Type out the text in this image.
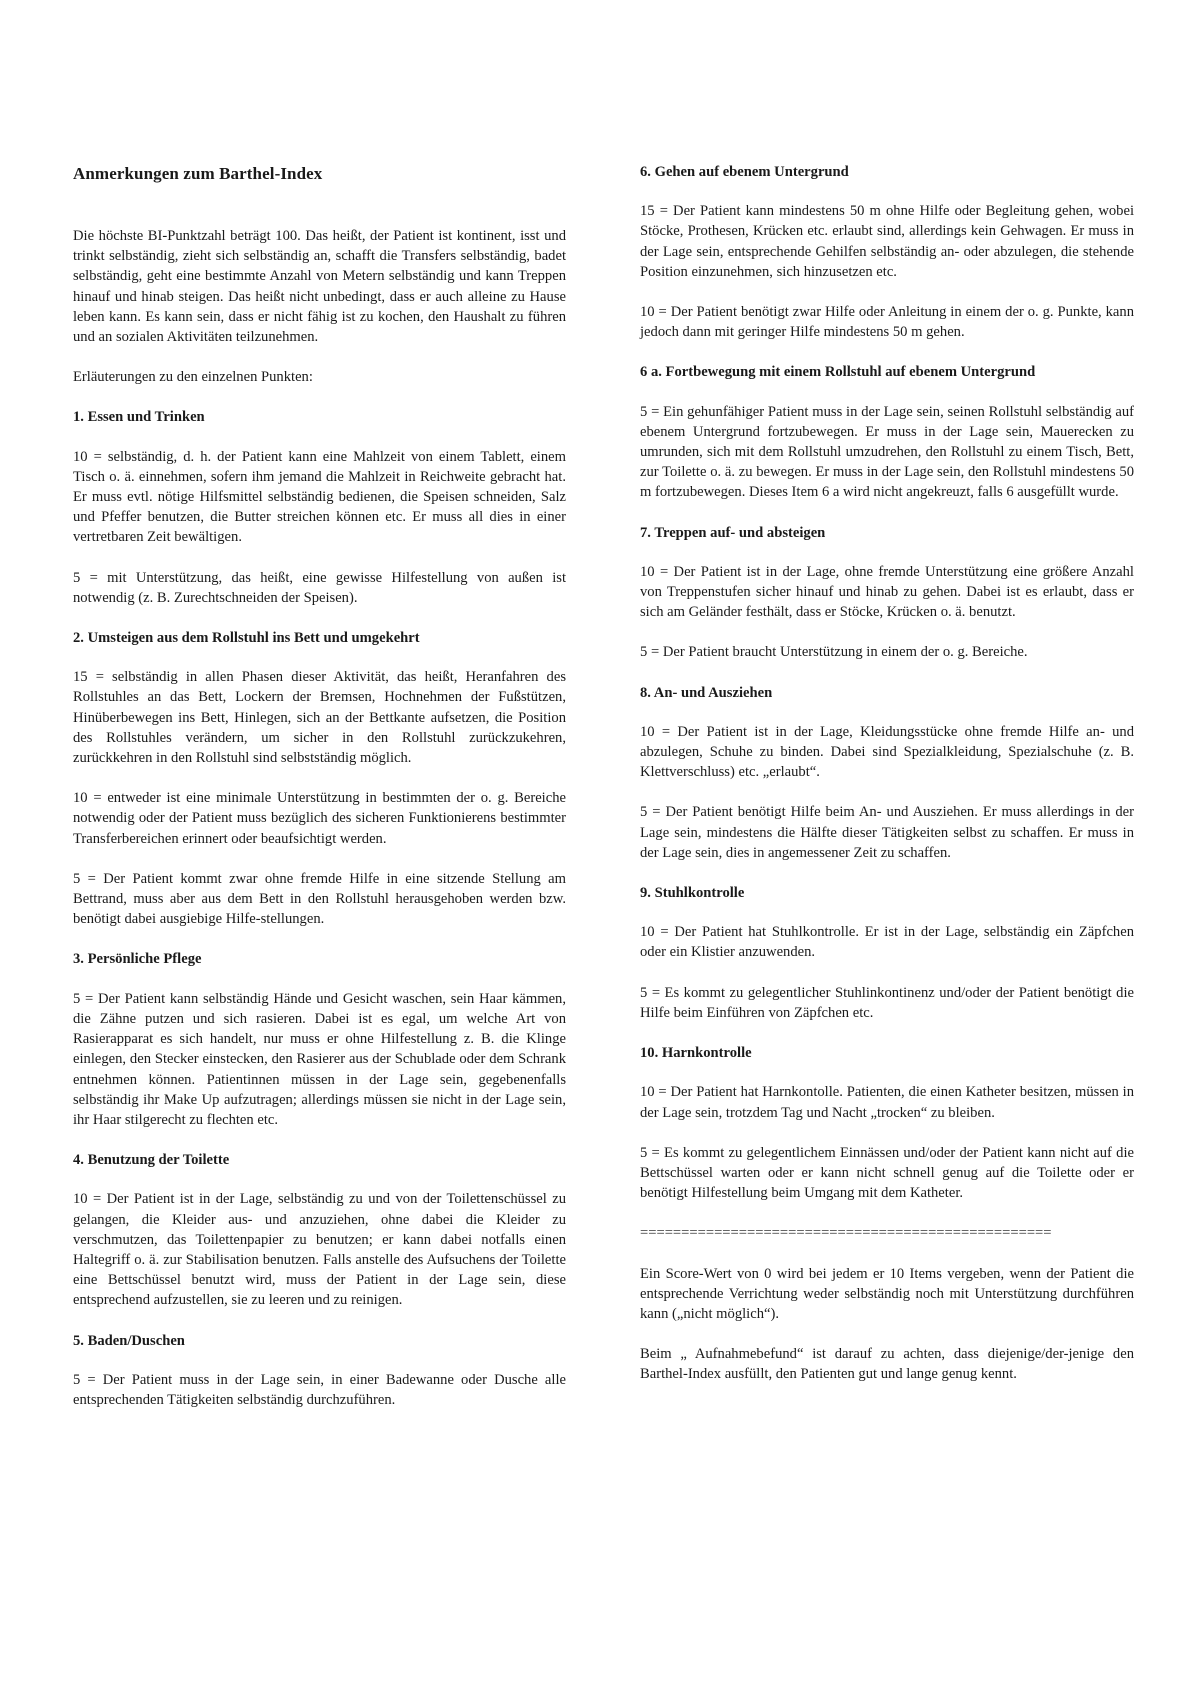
Anmerkungen zum Barthel-Index
Die höchste BI-Punktzahl beträgt 100. Das heißt, der Patient ist kontinent, isst und trinkt selbständig, zieht sich selbständig an, schafft die Transfers selbständig, badet selbständig, geht eine bestimmte Anzahl von Metern selbständig und kann Treppen hinauf und hinab steigen. Das heißt nicht unbedingt, dass er auch alleine zu Hause leben kann. Es kann sein, dass er nicht fähig ist zu kochen, den Haushalt zu führen und an sozialen Aktivitäten teilzunehmen.
Erläuterungen zu den einzelnen Punkten:
1. Essen und Trinken
10 = selbständig, d. h. der Patient kann eine Mahlzeit von einem Tablett, einem Tisch o. ä. einnehmen, sofern ihm jemand die Mahlzeit in Reichweite gebracht hat. Er muss evtl. nötige Hilfsmittel selbständig bedienen, die Speisen schneiden, Salz und Pfeffer benutzen, die Butter streichen können etc. Er muss all dies in einer vertretbaren Zeit bewältigen.
5 = mit Unterstützung, das heißt, eine gewisse Hilfestellung von außen ist notwendig (z. B. Zurechtschneiden der Speisen).
2. Umsteigen aus dem Rollstuhl ins Bett und umgekehrt
15 = selbständig in allen Phasen dieser Aktivität, das heißt, Heranfahren des Rollstuhles an das Bett, Lockern der Bremsen, Hochnehmen der Fußstützen, Hinüberbewegen ins Bett, Hinlegen, sich an der Bettkante aufsetzen, die Position des Rollstuhles verändern, um sicher in den Rollstuhl zurückzukehren, zurückkehren in den Rollstuhl sind selbstständig möglich.
10 = entweder ist eine minimale Unterstützung in bestimmten der o. g. Bereiche notwendig oder der Patient muss bezüglich des sicheren Funktionierens bestimmter Transferbereichen erinnert oder beaufsichtigt werden.
5 = Der Patient kommt zwar ohne fremde Hilfe in eine sitzende Stellung am Bettrand, muss aber aus dem Bett in den Rollstuhl herausgehoben werden bzw. benötigt dabei ausgiebige Hilfe-stellungen.
3. Persönliche Pflege
5 = Der Patient kann selbständig Hände und Gesicht waschen, sein Haar kämmen, die Zähne putzen und sich rasieren. Dabei ist es egal, um welche Art von Rasierapparat es sich handelt, nur muss er ohne Hilfestellung z. B. die Klinge einlegen, den Stecker einstecken, den Rasierer aus der Schublade oder dem Schrank entnehmen können. Patientinnen müssen in der Lage sein, gegebenenfalls selbständig ihr Make Up aufzutragen; allerdings müssen sie nicht in der Lage sein, ihr Haar stilgerecht zu flechten etc.
4. Benutzung der Toilette
10 = Der Patient ist in der Lage, selbständig zu und von der Toilettenschüssel zu gelangen, die Kleider aus- und anzuziehen, ohne dabei die Kleider zu verschmutzen, das Toilettenpapier zu benutzen; er kann dabei notfalls einen Haltegriff o. ä. zur Stabilisation benutzen. Falls anstelle des Aufsuchens der Toilette eine Bettschüssel benutzt wird, muss der Patient in der Lage sein, diese entsprechend aufzustellen, sie zu leeren und zu reinigen.
5. Baden/Duschen
5 = Der Patient muss in der Lage sein, in einer Badewanne oder Dusche alle entsprechenden Tätigkeiten selbständig durchzuführen.
6. Gehen auf ebenem Untergrund
15 = Der Patient kann mindestens 50 m ohne Hilfe oder Begleitung gehen, wobei Stöcke, Prothesen, Krücken etc. erlaubt sind, allerdings kein Gehwagen. Er muss in der Lage sein, entsprechende Gehilfen selbständig an- oder abzulegen, die stehende Position einzunehmen, sich hinzusetzen etc.
10 = Der Patient benötigt zwar Hilfe oder Anleitung in einem der o. g. Punkte, kann jedoch dann mit geringer Hilfe mindestens 50 m gehen.
6 a. Fortbewegung mit einem Rollstuhl auf ebenem Untergrund
5 = Ein gehunfähiger Patient muss in der Lage sein, seinen Rollstuhl selbständig auf ebenem Untergrund fortzubewegen. Er muss in der Lage sein, Mauerecken zu umrunden, sich mit dem Rollstuhl umzudrehen, den Rollstuhl zu einem Tisch, Bett, zur Toilette o. ä. zu bewegen. Er muss in der Lage sein, den Rollstuhl mindestens 50 m fortzubewegen. Dieses Item 6 a wird nicht angekreuzt, falls 6 ausgefüllt wurde.
7. Treppen auf- und absteigen
10 = Der Patient ist in der Lage, ohne fremde Unterstützung eine größere Anzahl von Treppenstufen sicher hinauf und hinab zu gehen. Dabei ist es erlaubt, dass er sich am Geländer festhält, dass er Stöcke, Krücken o. ä. benutzt.
5 = Der Patient braucht Unterstützung in einem der o. g. Bereiche.
8. An- und Ausziehen
10 = Der Patient ist in der Lage, Kleidungsstücke ohne fremde Hilfe an- und abzulegen, Schuhe zu binden. Dabei sind Spezialkleidung, Spezialschuhe (z. B. Klettverschluss) etc. „erlaubt“.
5 = Der Patient benötigt Hilfe beim An- und Ausziehen. Er muss allerdings in der Lage sein, mindestens die Hälfte dieser Tätigkeiten selbst zu schaffen. Er muss in der Lage sein, dies in angemessener Zeit zu schaffen.
9. Stuhlkontrolle
10 = Der Patient hat Stuhlkontrolle. Er ist in der Lage, selbständig ein Zäpfchen oder ein Klistier anzuwenden.
5 = Es kommt zu gelegentlicher Stuhlinkontinenz und/oder der Patient benötigt die Hilfe beim Einführen von Zäpfchen etc.
10. Harnkontrolle
10 = Der Patient hat Harnkontolle. Patienten, die einen Katheter besitzen, müssen in der Lage sein, trotzdem Tag und Nacht „trocken“ zu bleiben.
5 = Es kommt zu gelegentlichem Einnässen und/oder der Patient kann nicht auf die Bettschüssel warten oder er kann nicht schnell genug auf die Toilette oder er benötigt Hilfestellung beim Umgang mit dem Katheter.
==================================================
Ein Score-Wert von 0 wird bei jedem er 10 Items vergeben, wenn der Patient die entsprechende Verrichtung weder selbständig noch mit Unterstützung durchführen kann („nicht möglich“).
Beim „ Aufnahmebefund“ ist darauf zu achten, dass diejenige/der-jenige den Barthel-Index ausfüllt, den Patienten gut und lange genug kennt.
